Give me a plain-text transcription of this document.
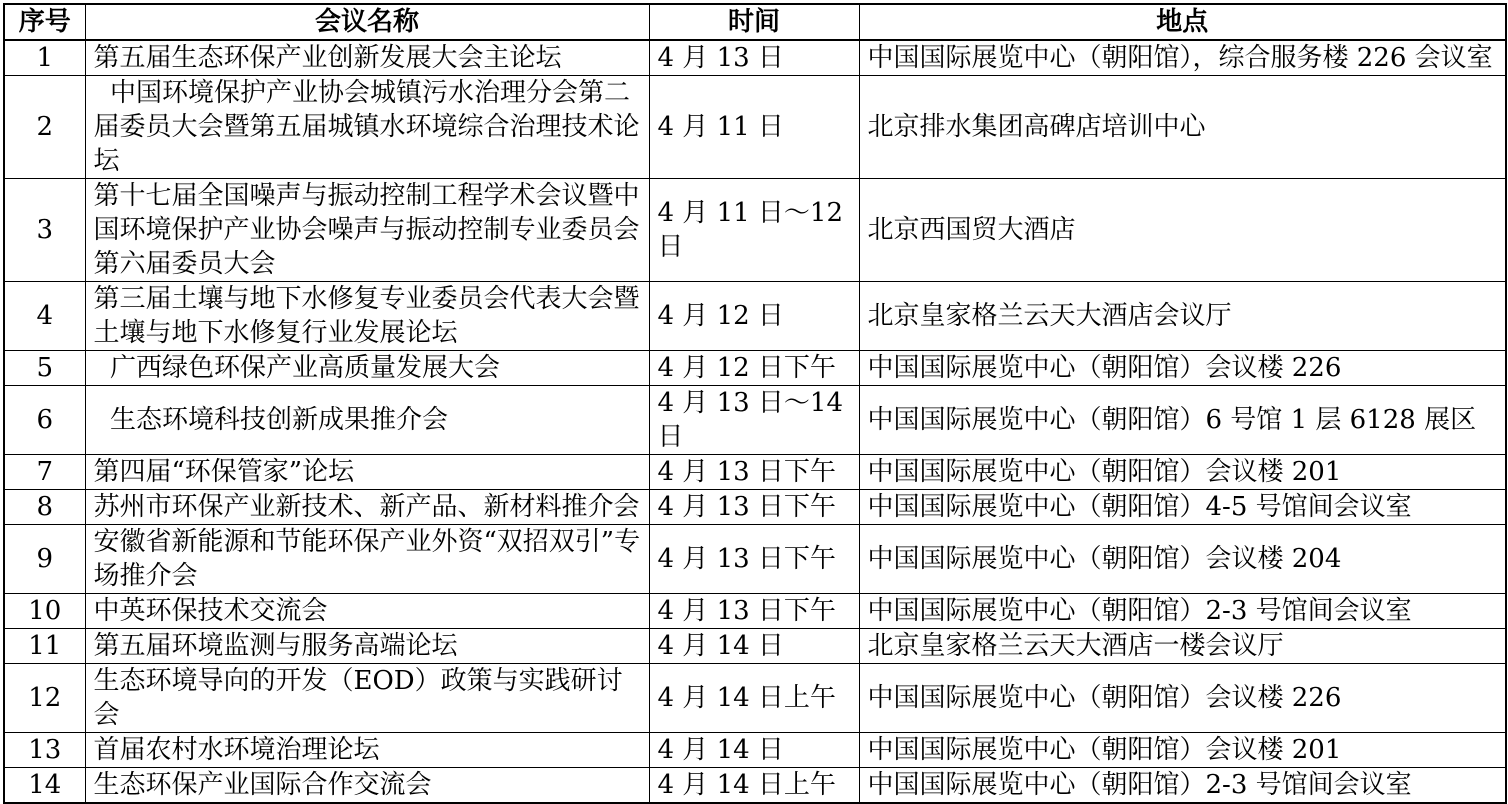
序号	会议名称	时间	地点
1	第五届生态环保产业创新发展大会主论坛	4 月 13 日	中国国际展览中心（朝阳馆），综合服务楼 226 会议室
2	中国环境保护产业协会城镇污水治理分会第二届委员大会暨第五届城镇水环境综合治理技术论坛	4 月 11 日	北京排水集团高碑店培训中心
3	第十七届全国噪声与振动控制工程学术会议暨中国环境保护产业协会噪声与振动控制专业委员会第六届委员大会	4 月 11 日～12 日	北京西国贸大酒店
4	第三届土壤与地下水修复专业委员会代表大会暨土壤与地下水修复行业发展论坛	4 月 12 日	北京皇家格兰云天大酒店会议厅
5	广西绿色环保产业高质量发展大会	4 月 12 日下午	中国国际展览中心（朝阳馆）会议楼 226
6	生态环境科技创新成果推介会	4 月 13 日～14 日	中国国际展览中心（朝阳馆）6 号馆 1 层 6128 展区
7	第四届“环保管家”论坛	4 月 13 日下午	中国国际展览中心（朝阳馆）会议楼 201
8	苏州市环保产业新技术、新产品、新材料推介会	4 月 13 日下午	中国国际展览中心（朝阳馆）4-5 号馆间会议室
9	安徽省新能源和节能环保产业外资“双招双引”专场推介会	4 月 13 日下午	中国国际展览中心（朝阳馆）会议楼 204
10	中英环保技术交流会	4 月 13 日下午	中国国际展览中心（朝阳馆）2-3 号馆间会议室
11	第五届环境监测与服务高端论坛	4 月 14 日	北京皇家格兰云天大酒店一楼会议厅
12	生态环境导向的开发（EOD）政策与实践研讨会	4 月 14 日上午	中国国际展览中心（朝阳馆）会议楼 226
13	首届农村水环境治理论坛	4 月 14 日	中国国际展览中心（朝阳馆）会议楼 201
14	生态环保产业国际合作交流会	4 月 14 日上午	中国国际展览中心（朝阳馆）2-3 号馆间会议室
